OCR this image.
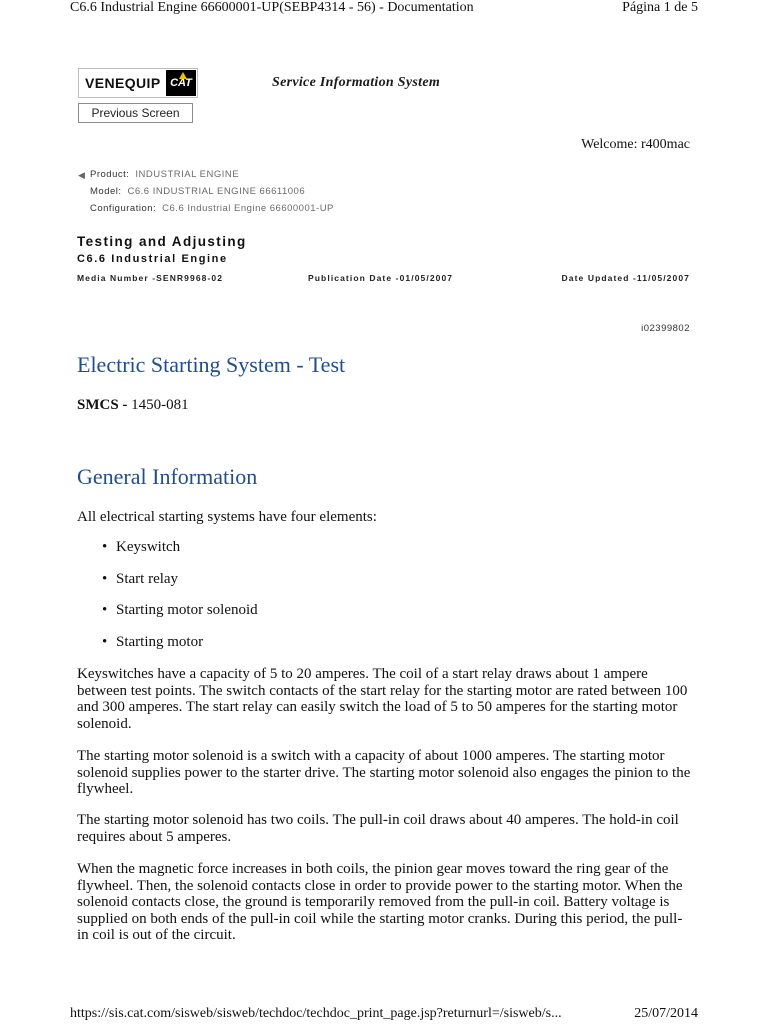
C6.6 Industrial Engine 66600001-UP(SEBP4314 - 56) - Documentation	Página 1 de 5
VENEQUIP CAT	Service Information System
Previous Screen
Welcome: r400mac
◀ Product: INDUSTRIAL ENGINE
Model: C6.6 INDUSTRIAL ENGINE 66611006
Configuration: C6.6 Industrial Engine 66600001-UP
Testing and Adjusting
C6.6 Industrial Engine
Media Number -SENR9968-02	Publication Date -01/05/2007	Date Updated -11/05/2007
i02399802
Electric Starting System - Test
SMCS - 1450-081
General Information
All electrical starting systems have four elements:
• Keyswitch
• Start relay
• Starting motor solenoid
• Starting motor

Keyswitches have a capacity of 5 to 20 amperes. The coil of a start relay draws about 1 ampere between test points. The switch contacts of the start relay for the starting motor are rated between 100 and 300 amperes. The start relay can easily switch the load of 5 to 50 amperes for the starting motor solenoid.

The starting motor solenoid is a switch with a capacity of about 1000 amperes. The starting motor solenoid supplies power to the starter drive. The starting motor solenoid also engages the pinion to the flywheel.

The starting motor solenoid has two coils. The pull-in coil draws about 40 amperes. The hold-in coil requires about 5 amperes.

When the magnetic force increases in both coils, the pinion gear moves toward the ring gear of the flywheel. Then, the solenoid contacts close in order to provide power to the starting motor. When the solenoid contacts close, the ground is temporarily removed from the pull-in coil. Battery voltage is supplied on both ends of the pull-in coil while the starting motor cranks. During this period, the pull-in coil is out of the circuit.

https://sis.cat.com/sisweb/sisweb/techdoc/techdoc_print_page.jsp?returnurl=/sisweb/s...	25/07/2014
